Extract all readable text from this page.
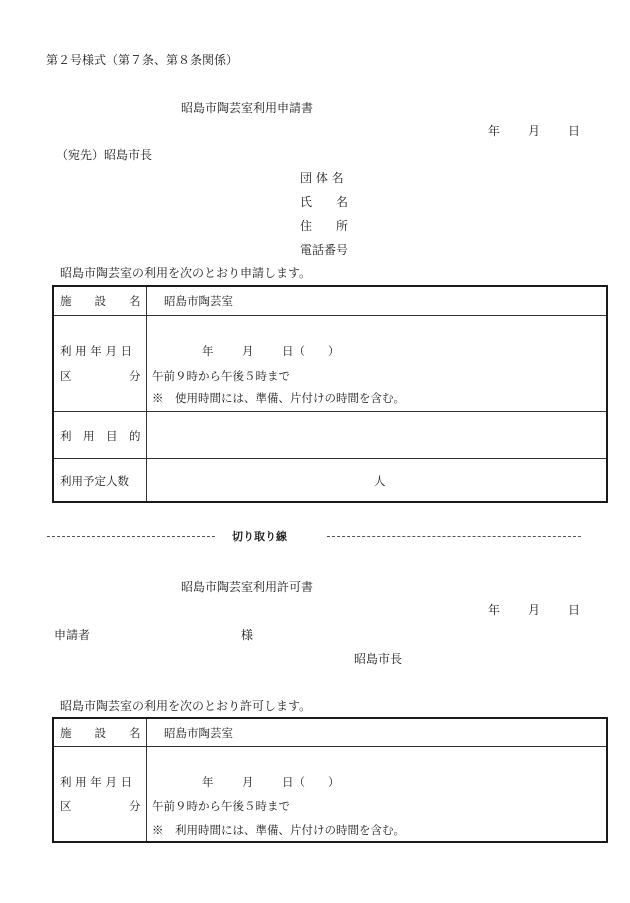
第２号様式（第７条、第８条関係）
昭島市陶芸室利用申請書
年 月 日
（宛先）昭島市長
団 体 名
氏　　名
住　　所
電話番号
昭島市陶芸室の利用を次のとおり申請します。
施　　設　　名 昭島市陶芸室
利 用 年 月 日	年 月 日（　　）
区　　　　　分 午前９時から午後５時まで
※　使用時間には、準備、片付けの時間を含む。
利　用　目　的
利用予定人数	人
切り取り線
昭島市陶芸室利用許可書
年 月 日
申請者	様
昭島市長
昭島市陶芸室の利用を次のとおり許可します。
施　　設　　名 昭島市陶芸室
利 用 年 月 日	年 月 日（　　）
区　　　　　分 午前９時から午後５時まで
※　利用時間には、準備、片付けの時間を含む。
